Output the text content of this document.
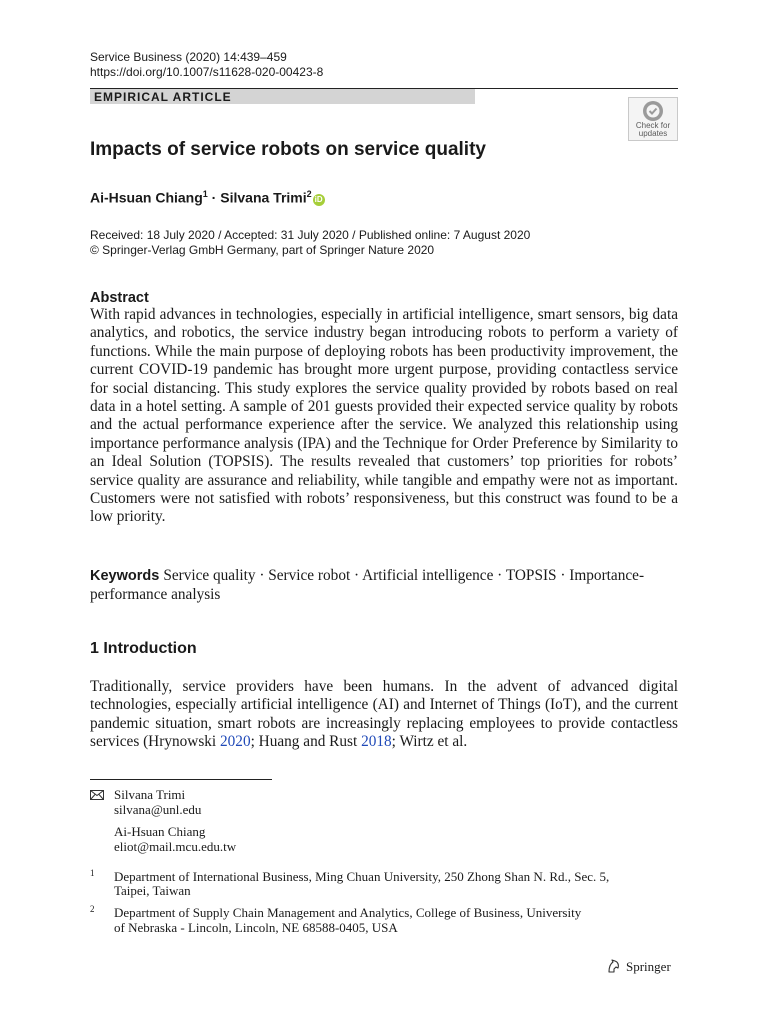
Service Business (2020) 14:439–459
https://doi.org/10.1007/s11628-020-00423-8
EMPIRICAL ARTICLE
Check for
updates
Impacts of service robots on service quality
Ai-Hsuan Chiang$^1$ · Silvana Trimi$^2$iD
Received: 18 July 2020 / Accepted: 31 July 2020 / Published online: 7 August 2020
© Springer-Verlag GmbH Germany, part of Springer Nature 2020
Abstract

With rapid advances in technologies, especially in artificial intelligence, smart sensors, big data analytics, and robotics, the service industry began introducing robots to perform a variety of functions. While the main purpose of deploying robots has been productivity improvement, the current COVID-19 pandemic has brought more urgent purpose, providing contactless service for social distancing. This study explores the service quality provided by robots based on real data in a hotel setting. A sample of 201 guests provided their expected service quality by robots and the actual performance experience after the service. We analyzed this relationship using importance performance analysis (IPA) and the Technique for Order Preference by Similarity to an Ideal Solution (TOPSIS). The results revealed that customers’ top priorities for robots’ service quality are assurance and reliability, while tangible and empathy were not as important. Customers were not satisfied with robots’ responsiveness, but this construct was found to be a low priority.

Keywords Service quality · Service robot · Artificial intelligence · TOPSIS · Importance-performance analysis
1 Introduction

Traditionally, service providers have been humans. In the advent of advanced digital technologies, especially artificial intelligence (AI) and Internet of Things (IoT), and the current pandemic situation, smart robots are increasingly replacing employees to provide contactless services (Hrynowski 2020; Huang and Rust 2018; Wirtz et al.

Silvana Trimi
silvana@unl.edu
Ai-Hsuan Chiang
eliot@mail.mcu.edu.tw
1 Department of International Business, Ming Chuan University, 250 Zhong Shan N. Rd., Sec. 5,
Taipei, Taiwan
2 Department of Supply Chain Management and Analytics, College of Business, University
of Nebraska - Lincoln, Lincoln, NE 68588-0405, USA
Springer
